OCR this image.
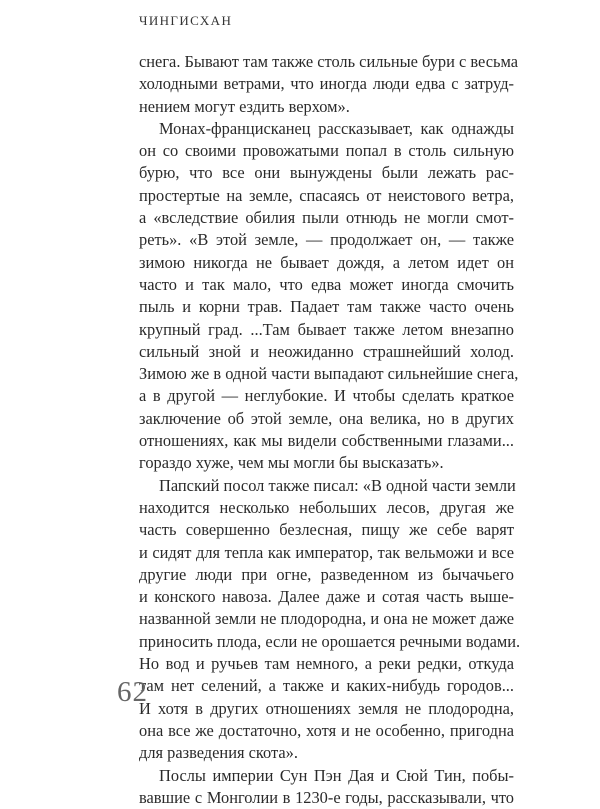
ЧИНГИСХАН
снега. Бывают там также столь сильные бури с весьма
холодными ветрами, что иногда люди едва с затруд-
нением могут ездить верхом».
Монах-францисканец рассказывает, как однажды
он со своими провожатыми попал в столь сильную
бурю, что все они вынуждены были лежать рас-
простертые на земле, спасаясь от неистового ветра,
а «вследствие обилия пыли отнюдь не могли смот-
реть». «В этой земле, — продолжает он, — также
зимою никогда не бывает дождя, а летом идет он
часто и так мало, что едва может иногда смочить
пыль и корни трав. Падает там также часто очень
крупный град. ...Там бывает также летом внезапно
сильный зной и неожиданно страшнейший холод.
Зимою же в одной части выпадают сильнейшие снега,
а в другой — неглубокие. И чтобы сделать краткое
заключение об этой земле, она велика, но в других
отношениях, как мы видели собственными глазами...
гораздо хуже, чем мы могли бы высказать».
Папский посол также писал: «В одной части земли
находится несколько небольших лесов, другая же
часть совершенно безлесная, пищу же себе варят
и сидят для тепла как император, так вельможи и все
другие люди при огне, разведенном из бычачьего
и конского навоза. Далее даже и сотая часть выше-
названной земли не плодородна, и она не может даже
приносить плода, если не орошается речными водами.
Но вод и ручьев там немного, а реки редки, откуда
там нет селений, а также и каких-нибудь городов...
И хотя в других отношениях земля не плодородна,
она все же достаточно, хотя и не особенно, пригодна
для разведения скота».
Послы империи Сун Пэн Дая и Сюй Тин, побы-
вавшие с Монголии в 1230-е годы, рассказывали, что
62
